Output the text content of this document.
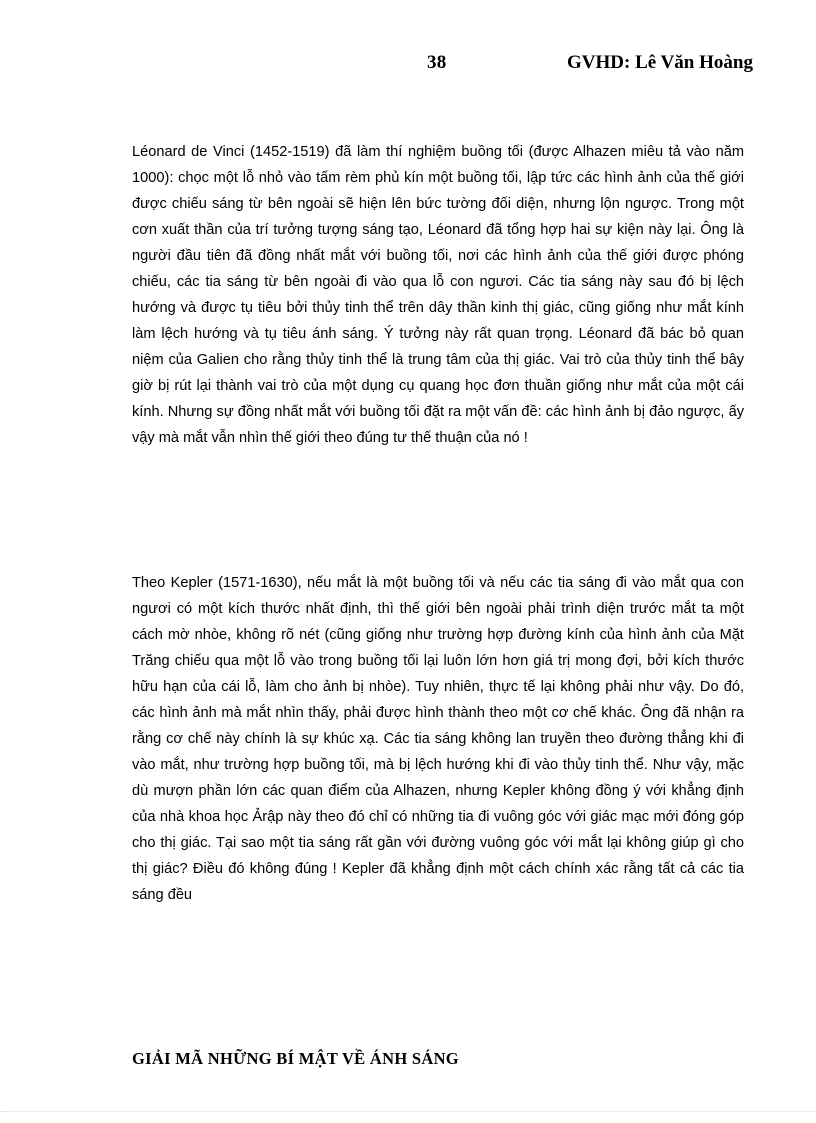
38	GVHD: Lê Văn Hoàng

Léonard de Vinci (1452-1519) đã làm thí nghiệm buồng tối (được Alhazen miêu tả vào năm 1000): chọc một lỗ nhỏ vào tấm rèm phủ kín một buồng tối, lập tức các hình ảnh của thế giới được chiếu sáng từ bên ngoài sẽ hiện lên bức tường đối diện, nhưng lộn ngược. Trong một cơn xuất thần của trí tưởng tượng sáng tạo, Léonard đã tổng hợp hai sự kiện này lại. Ông là người đầu tiên đã đồng nhất mắt với buồng tối, nơi các hình ảnh của thế giới được phóng chiếu, các tia sáng từ bên ngoài đi vào qua lỗ con ngươi. Các tia sáng này sau đó bị lệch hướng và được tụ tiêu bởi thủy tinh thể trên dây thần kinh thị giác, cũng giống như mắt kính làm lệch hướng và tụ tiêu ánh sáng. Ý tưởng này rất quan trọng. Léonard đã bác bỏ quan niệm của Galien cho rằng thủy tinh thể là trung tâm của thị giác. Vai trò của thủy tinh thể bây giờ bị rút lại thành vai trò của một dụng cụ quang học đơn thuần giống như mắt của một cái kính. Nhưng sự đồng nhất mắt với buồng tối đặt ra một vấn đề: các hình ảnh bị đảo ngược, ấy vậy mà mắt vẫn nhìn thế giới theo đúng tư thế thuận của nó !

Theo Kepler (1571-1630), nếu mắt là một buồng tối và nếu các tia sáng đi vào mắt qua con ngươi có một kích thước nhất định, thì thế giới bên ngoài phải trình diện trước mắt ta một cách mờ nhòe, không rõ nét (cũng giống như trường hợp đường kính của hình ảnh của Mặt Trăng chiếu qua một lỗ vào trong buồng tối lại luôn lớn hơn giá trị mong đợi, bởi kích thước hữu hạn của cái lỗ, làm cho ảnh bị nhòe). Tuy nhiên, thực tế lại không phải như vậy. Do đó, các hình ảnh mà mắt nhìn thấy, phải được hình thành theo một cơ chế khác. Ông đã nhận ra rằng cơ chế này chính là sự khúc xạ. Các tia sáng không lan truyền theo đường thẳng khi đi vào mắt, như trường hợp buồng tối, mà bị lệch hướng khi đi vào thủy tinh thể. Như vậy, mặc dù mượn phần lớn các quan điểm của Alhazen, nhưng Kepler không đồng ý với khẳng định của nhà khoa học Ảrập này theo đó chỉ có những tia đi vuông góc với giác mạc mới đóng góp cho thị giác. Tại sao một tia sáng rất gần với đường vuông góc với mắt lại không giúp gì cho thị giác? Điều đó không đúng ! Kepler đã khẳng định một cách chính xác rằng tất cả các tia sáng đều

GIẢI MÃ NHỮNG BÍ MẬT VỀ ÁNH SÁNG
